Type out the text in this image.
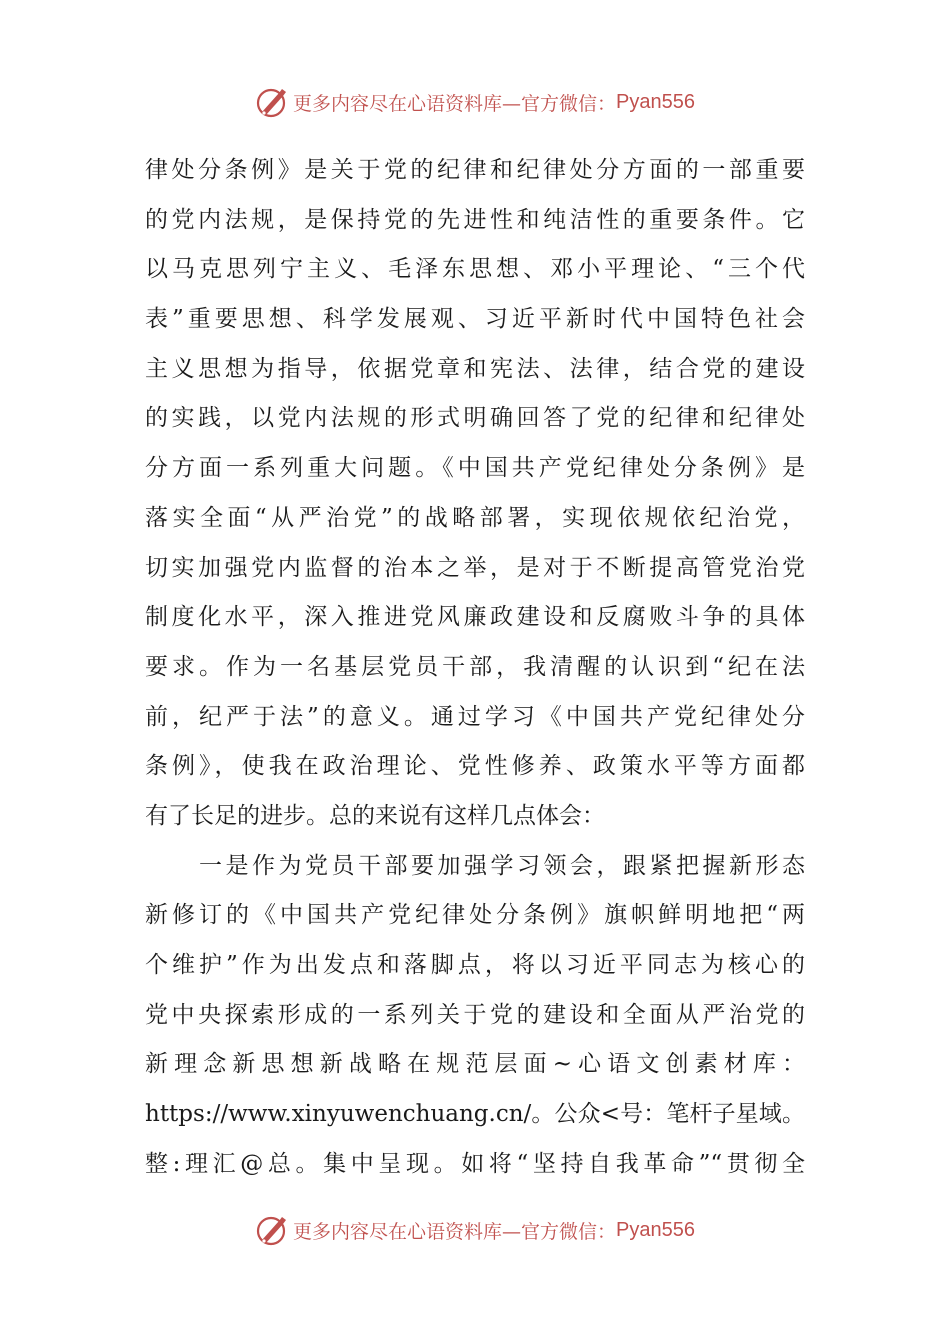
更多内容尽在心语资料库 —官方微信： Pyan556
律处分条例》是关于党的纪律和纪律处分方面的一部重要
的党内法规，是保持党的先进性和纯洁性的重要条件。它
以马克思列宁主义、毛泽东思想、邓小平理论、“三个代
表”重要思想、科学发展观、习近平新时代中国特色社会
主义思想为指导，依据党章和宪法、法律，结合党的建设
的实践，以党内法规的形式明确回答了党的纪律和纪律处
分方面一系列重大问题。《中国共产党纪律处分条例》是
落实全面“从严治党”的战略部署，实现依规依纪治党，
切实加强党内监督的治本之举，是对于不断提高管党治党
制度化水平，深入推进党风廉政建设和反腐败斗争的具体
要求。作为一名基层党员干部，我清醒的认识到“纪在法
前，纪严于法”的意义。通过学习《中国共产党纪律处分
条例》，使我在政治理论、党性修养、政策水平等方面都
有了长足的进步。总的来说有这样几点体会：
一是作为党员干部要加强学习领会，跟紧把握新形态
新修订的《中国共产党纪律处分条例》旗帜鲜明地把“两
个维护”作为出发点和落脚点，将以习近平同志为核心的
党中央探索形成的一系列关于党的建设和全面从严治党的
新理念新思想新战略在规范层面~心语文创素材库：
https://www.xinyuwenchuang.cn/。公众<号：笔杆子星域。
整:理汇@总。集中呈现。如将“坚持自我革命”“贯彻全
更多内容尽在心语资料库 —官方微信： Pyan556
